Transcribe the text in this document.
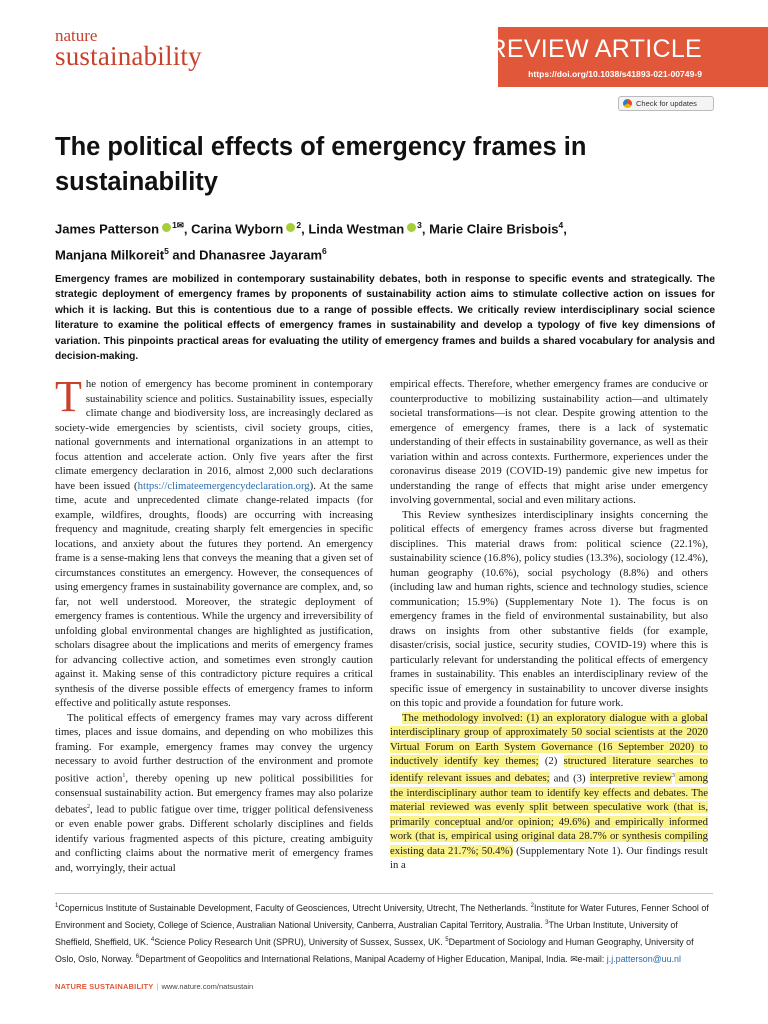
nature
sustainability	REVIEW ARTICLE
https://doi.org/10.1038/s41893-021-00749-9
Check for updates
The political effects of emergency frames in sustainability
James Patterson $^{1✉}$, Carina Wyborn $^2$, Linda Westman $^3$, Marie Claire Brisbois$^4$,
Manjana Milkoreit$^5$ and Dhanasree Jayaram$^6$
Emergency frames are mobilized in contemporary sustainability debates, both in response to specific events and strategically. The strategic deployment of emergency frames by proponents of sustainability action aims to stimulate collective action on issues for which it is lacking. But this is contentious due to a range of possible effects. We critically review interdisciplinary social science literature to examine the political effects of emergency frames in sustainability and develop a typology of five key dimensions of variation. This pinpoints practical areas for evaluating the utility of emergency frames and builds a shared vocabulary for analysis and decision-making.

The notion of emergency has become prominent in contemporary sustainability science and politics. Sustainability issues, especially climate change and biodiversity loss, are increasingly declared as society-wide emergencies by scientists, civil society groups, cities, national governments and international organizations in an attempt to focus attention and accelerate action. Only five years after the first climate emergency declaration in 2016, almost 2,000 such declarations have been issued (https://climateemergencydeclaration.org). At the same time, acute and unprecedented climate change-related impacts (for example, wildfires, droughts, floods) are occurring with increasing frequency and magnitude, creating sharply felt emergencies in specific locations, and anxiety about the futures they portend. An emergency frame is a sense-making lens that conveys the meaning that a given set of circumstances constitutes an emergency. However, the consequences of using emergency frames in sustainability governance are complex, and, so far, not well understood. Moreover, the strategic deployment of emergency frames is contentious. While the urgency and irreversibility of unfolding global environmental changes are highlighted as justification, scholars disagree about the implications and merits of emergency frames for advancing collective action, and sometimes even strongly caution against it. Making sense of this contradictory picture requires a critical synthesis of the diverse possible effects of emergency frames to inform effective and politically astute responses.

The political effects of emergency frames may vary across different times, places and issue domains, and depending on who mobilizes this framing. For example, emergency frames may convey the urgency necessary to avoid further destruction of the environment and promote positive action$^1$, thereby opening up new political possibilities for consensual sustainability action. But emergency frames may also polarize debates$^2$, lead to public fatigue over time, trigger political defensiveness or even enable power grabs. Different scholarly disciplines and fields identify various fragmented aspects of this picture, creating ambiguity and conflicting claims about the normative merit of emergency frames and, worryingly, their actual

empirical effects. Therefore, whether emergency frames are conducive or counterproductive to mobilizing sustainability action—and ultimately societal transformations—is not clear. Despite growing attention to the emergence of emergency frames, there is a lack of systematic understanding of their effects in sustainability governance, as well as their variation within and across contexts. Furthermore, experiences under the coronavirus disease 2019 (COVID-19) pandemic give new impetus for understanding the range of effects that might arise under emergency involving governmental, social and even military actions.

This Review synthesizes interdisciplinary insights concerning the political effects of emergency frames across diverse but fragmented disciplines. This material draws from: political science (22.1%), sustainability science (16.8%), policy studies (13.3%), sociology (12.4%), human geography (10.6%), social psychology (8.8%) and others (including law and human rights, science and technology studies, science communication; 15.9%) (Supplementary Note 1). The focus is on emergency frames in the field of environmental sustainability, but also draws on insights from other substantive fields (for example, disaster/crisis, social justice, security studies, COVID-19) where this is particularly relevant for understanding the political effects of emergency frames in sustainability. This enables an interdisciplinary review of the specific issue of emergency in sustainability to uncover diverse insights on this topic and provide a foundation for future work.

The methodology involved: (1) an exploratory dialogue with a global interdisciplinary group of approximately 50 social scientists at the 2020 Virtual Forum on Earth System Governance (16 September 2020) to inductively identify key themes; (2) structured literature searches to identify relevant issues and debates; and (3) interpretive review$^3$ among the interdisciplinary author team to identify key effects and debates. The material reviewed was evenly split between speculative work (that is, primarily conceptual and/or opinion; 49.6%) and empirically informed work (that is, empirical using original data 28.7% or synthesis compiling existing data 21.7%; 50.4%) (Supplementary Note 1). Our findings result in a

$^1$Copernicus Institute of Sustainable Development, Faculty of Geosciences, Utrecht University, Utrecht, The Netherlands. $^2$Institute for Water Futures, Fenner School of Environment and Society, College of Science, Australian National University, Canberra, Australian Capital Territory, Australia. $^3$The Urban Institute, University of Sheffield, Sheffield, UK. $^4$Science Policy Research Unit (SPRU), University of Sussex, Sussex, UK. $^5$Department of Sociology and Human Geography, University of Oslo, Oslo, Norway. $^6$Department of Geopolitics and International Relations, Manipal Academy of Higher Education, Manipal, India. ✉e-mail: j.j.patterson@uu.nl
NATURE SUSTAINABILITY | www.nature.com/natsustain
